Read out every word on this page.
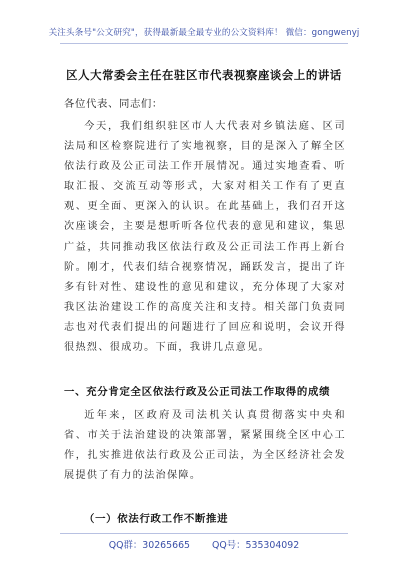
关注头条号"公文研究"，获得最新最全最专业的公文资料库！ 微信：gongwenyj
区人大常委会主任在驻区市代表视察座谈会上的讲话
各位代表、同志们：

今天，我们组织驻区市人大代表对乡镇法庭、区司法局和区检察院进行了实地视察，目的是深入了解全区依法行政及公正司法工作开展情况。通过实地查看、听取汇报、交流互动等形式，大家对相关工作有了更直观、更全面、更深入的认识。在此基础上，我们召开这次座谈会，主要是想听听各位代表的意见和建议，集思广益，共同推动我区依法行政及公正司法工作再上新台阶。刚才，代表们结合视察情况，踊跃发言，提出了许多有针对性、建设性的意见和建议，充分体现了大家对我区法治建设工作的高度关注和支持。相关部门负责同志也对代表们提出的问题进行了回应和说明，会议开得很热烈、很成功。下面，我讲几点意见。

一、充分肯定全区依法行政及公正司法工作取得的成绩

近年来，区政府及司法机关认真贯彻落实中央和省、市关于法治建设的决策部署，紧紧围绕全区中心工作，扎实推进依法行政及公正司法，为全区经济社会发展提供了有力的法治保障。

（一）依法行政工作不断推进
QQ群：30265665 QQ号：535304092
